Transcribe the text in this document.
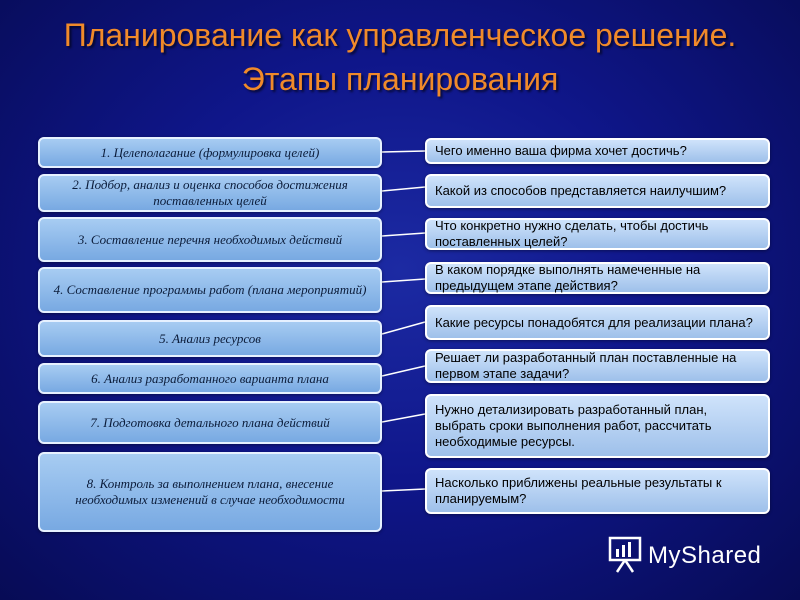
Планирование как управленческое решение.
Этапы планирования
1. Целеполагание (формулировка целей)
2. Подбор, анализ и оценка способов достижения поставленных целей
3. Составление перечня необходимых действий
4. Составление программы работ (плана мероприятий)
5. Анализ ресурсов
6. Анализ разработанного варианта плана
7. Подготовка детального плана действий
8. Контроль за выполнением плана, внесение необходимых изменений в случае необходимости
Чего именно ваша фирма хочет достичь?
Какой из способов представляется наилучшим?
Что конкретно нужно сделать, чтобы достичь поставленных целей?
В каком порядке выполнять намеченные на предыдущем этапе действия?
Какие ресурсы понадобятся для реализации плана?
Решает ли разработанный план поставленные на первом этапе задачи?
Нужно детализировать разработанный план, выбрать сроки выполнения работ, рассчитать необходимые ресурсы.
Насколько приближены реальные результаты к планируемым?
MyShared
